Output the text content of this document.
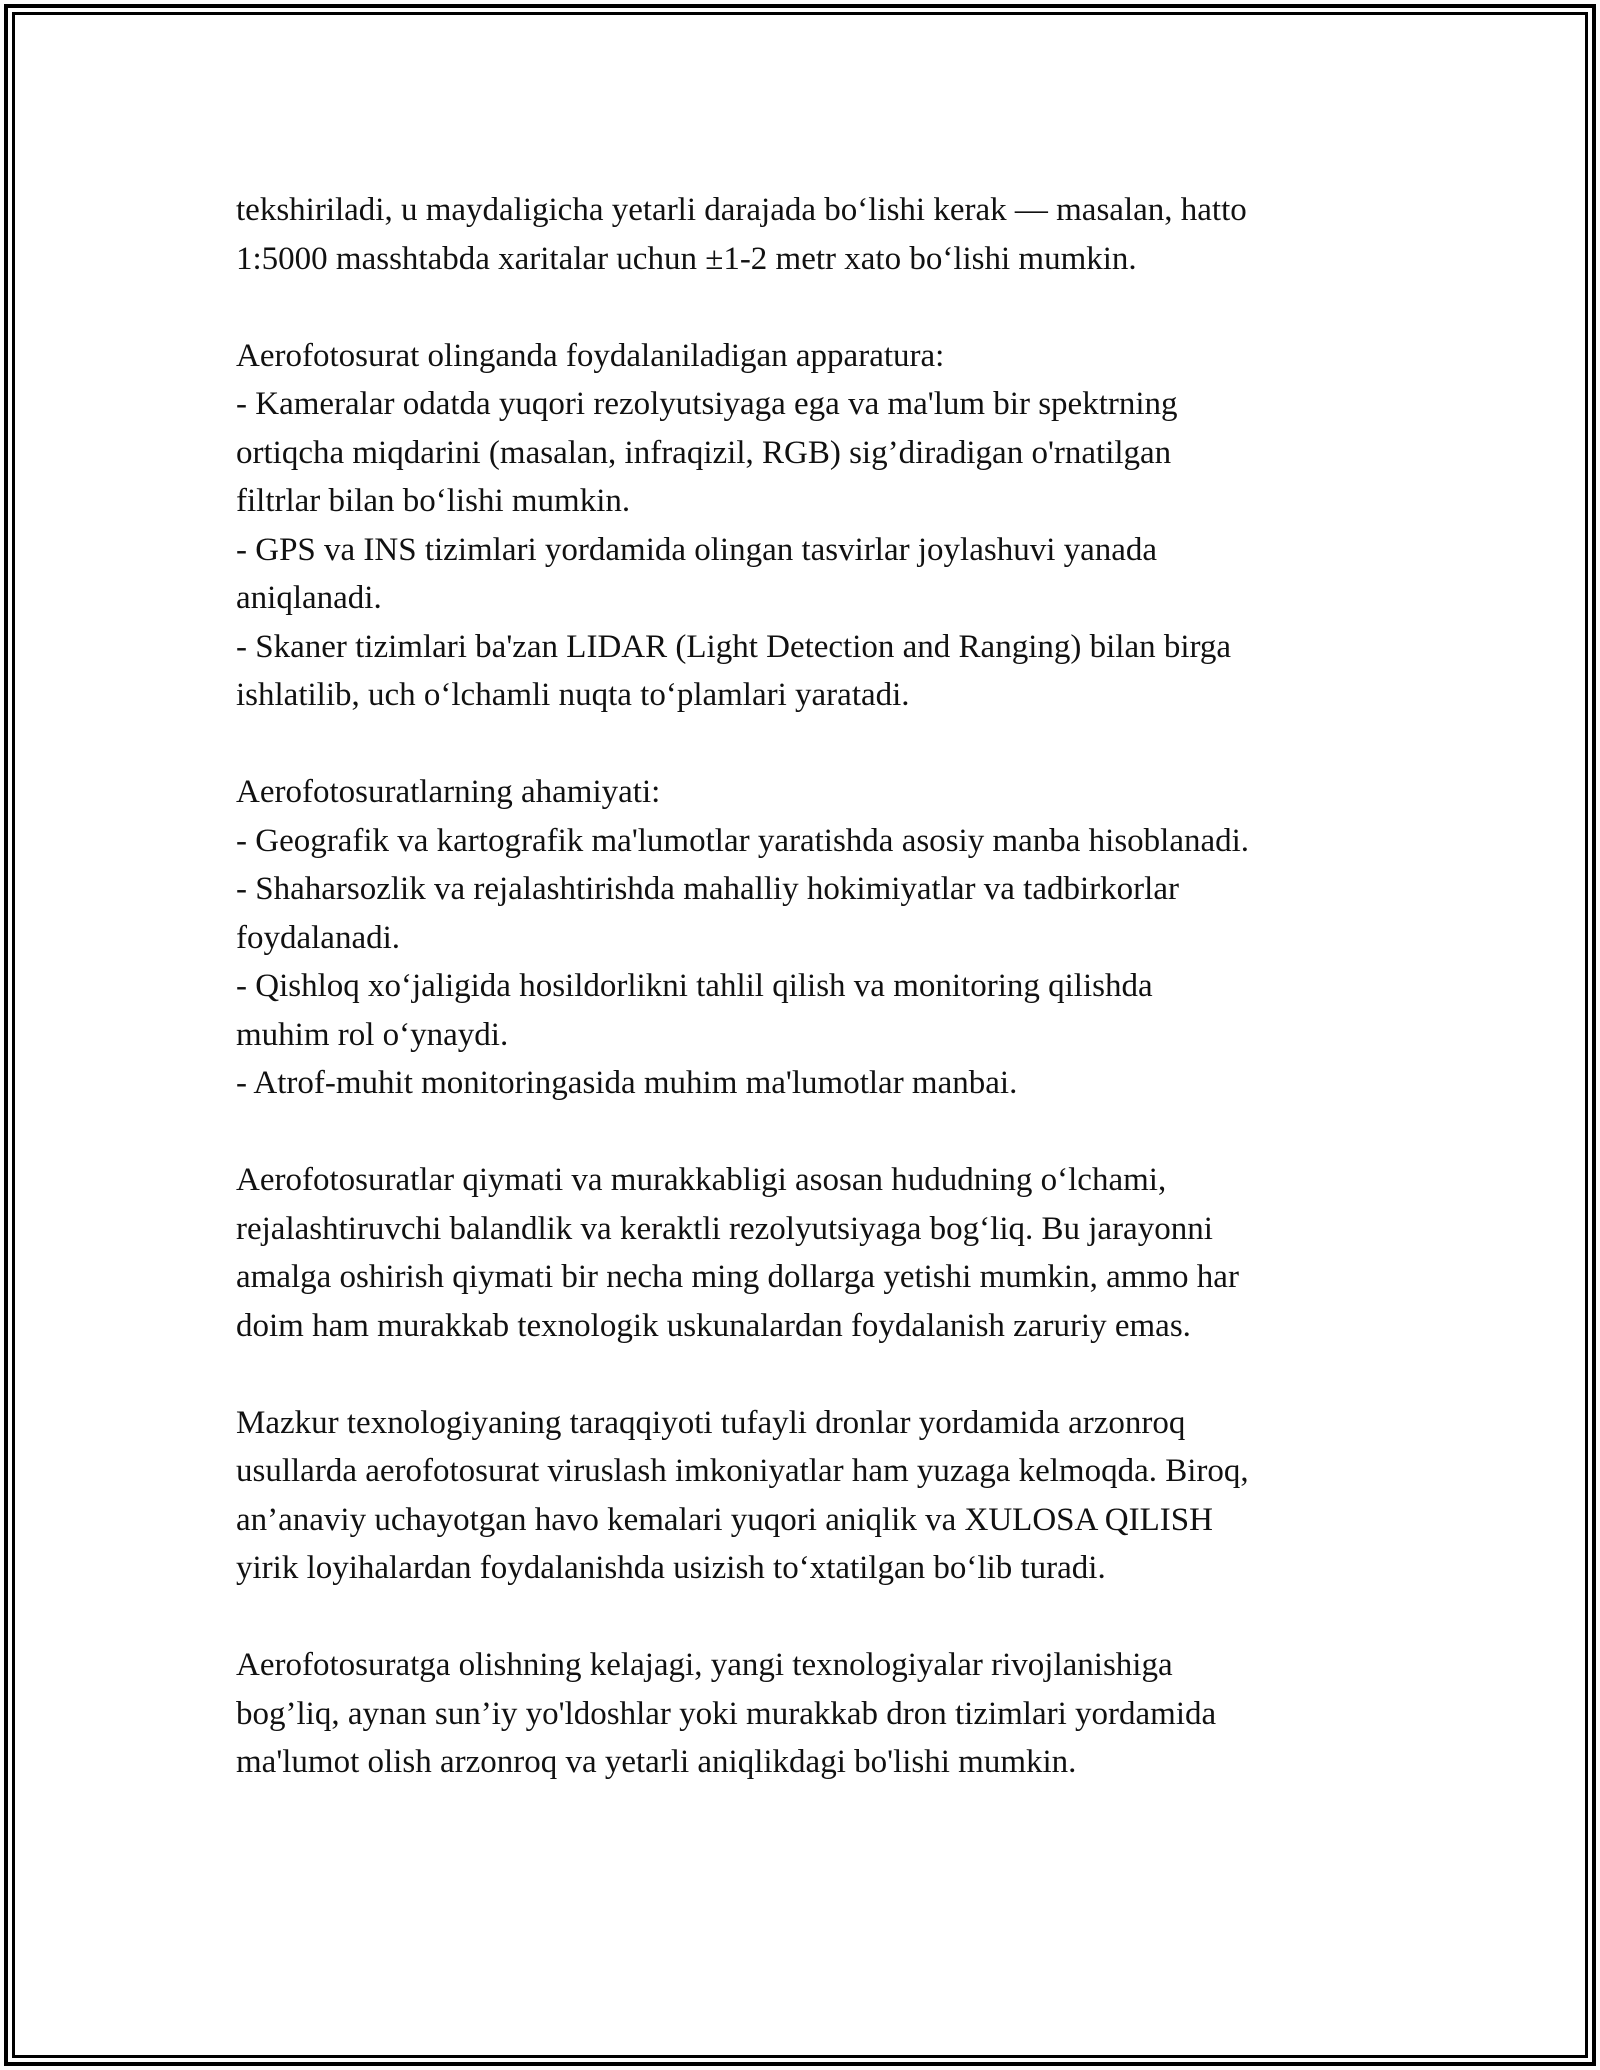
tekshiriladi, u maydaligicha yetarli darajada bo‘lishi kerak — masalan, hatto
1:5000 masshtabda xaritalar uchun ±1-2 metr xato bo‘lishi mumkin.
Aerofotosurat olinganda foydalaniladigan apparatura:
- Kameralar odatda yuqori rezolyutsiyaga ega va ma'lum bir spektrning
ortiqcha miqdarini (masalan, infraqizil, RGB) sig’diradigan o'rnatilgan
filtrlar bilan bo‘lishi mumkin.
- GPS va INS tizimlari yordamida olingan tasvirlar joylashuvi yanada
aniqlanadi.
- Skaner tizimlari ba'zan LIDAR (Light Detection and Ranging) bilan birga
ishlatilib, uch o‘lchamli nuqta to‘plamlari yaratadi.
Aerofotosuratlarning ahamiyati:
- Geografik va kartografik ma'lumotlar yaratishda asosiy manba hisoblanadi.
- Shaharsozlik va rejalashtirishda mahalliy hokimiyatlar va tadbirkorlar
foydalanadi.
- Qishloq xo‘jaligida hosildorlikni tahlil qilish va monitoring qilishda
muhim rol o‘ynaydi.
- Atrof-muhit monitoringasida muhim ma'lumotlar manbai.
Aerofotosuratlar qiymati va murakkabligi asosan hududning o‘lchami,
rejalashtiruvchi balandlik va keraktli rezolyutsiyaga bog‘liq. Bu jarayonni
amalga oshirish qiymati bir necha ming dollarga yetishi mumkin, ammo har
doim ham murakkab texnologik uskunalardan foydalanish zaruriy emas.
Mazkur texnologiyaning taraqqiyoti tufayli dronlar yordamida arzonroq
usullarda aerofotosurat viruslash imkoniyatlar ham yuzaga kelmoqda. Biroq,
an’anaviy uchayotgan havo kemalari yuqori aniqlik va XULOSA QILISH
yirik loyihalardan foydalanishda usizish to‘xtatilgan bo‘lib turadi.
Aerofotosuratga olishning kelajagi, yangi texnologiyalar rivojlanishiga
bog’liq, aynan sun’iy yo'ldoshlar yoki murakkab dron tizimlari yordamida
ma'lumot olish arzonroq va yetarli aniqlikdagi bo'lishi mumkin.
